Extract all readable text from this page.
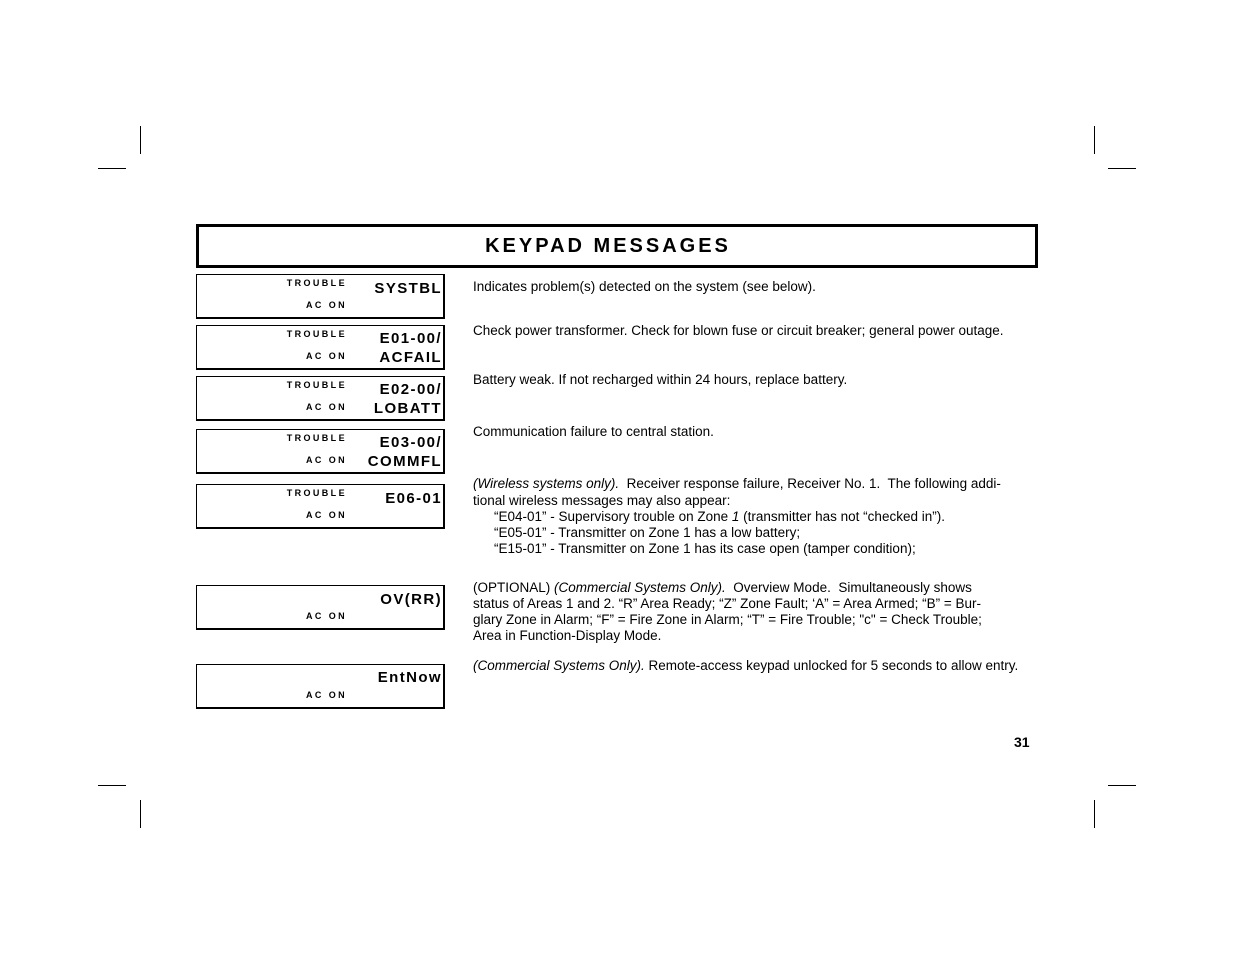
KEYPAD MESSAGES
TROUBLE
AC ON
SYSTBL
TROUBLE
AC ON
E01-00/
ACFAIL
TROUBLE
AC ON
E02-00/
LOBATT
TROUBLE
AC ON
E03-00/
COMMFL
TROUBLE
AC ON
E06-01
AC ON
OV(RR)
AC ON
EntNow
Indicates problem(s) detected on the system (see below).
Check power transformer. Check for blown fuse or circuit breaker; general power outage.
Battery weak. If not recharged within 24 hours, replace battery.
Communication failure to central station.
(Wireless systems only).  Receiver response failure, Receiver No. 1.  The following addi-
tional wireless messages may also appear:
“E04-01” - Supervisory trouble on Zone 1 (transmitter has not “checked in”).
“E05-01” - Transmitter on Zone 1 has a low battery;
“E15-01” - Transmitter on Zone 1 has its case open (tamper condition);
(OPTIONAL) (Commercial Systems Only).  Overview Mode.  Simultaneously shows
status of Areas 1 and 2. “R” Area Ready; “Z” Zone Fault; ‘A” = Area Armed; “B” = Bur-
glary Zone in Alarm; “F” = Fire Zone in Alarm; “T” = Fire Trouble; "c" = Check Trouble;
Area in Function-Display Mode.
(Commercial Systems Only). Remote-access keypad unlocked for 5 seconds to allow entry.
31
